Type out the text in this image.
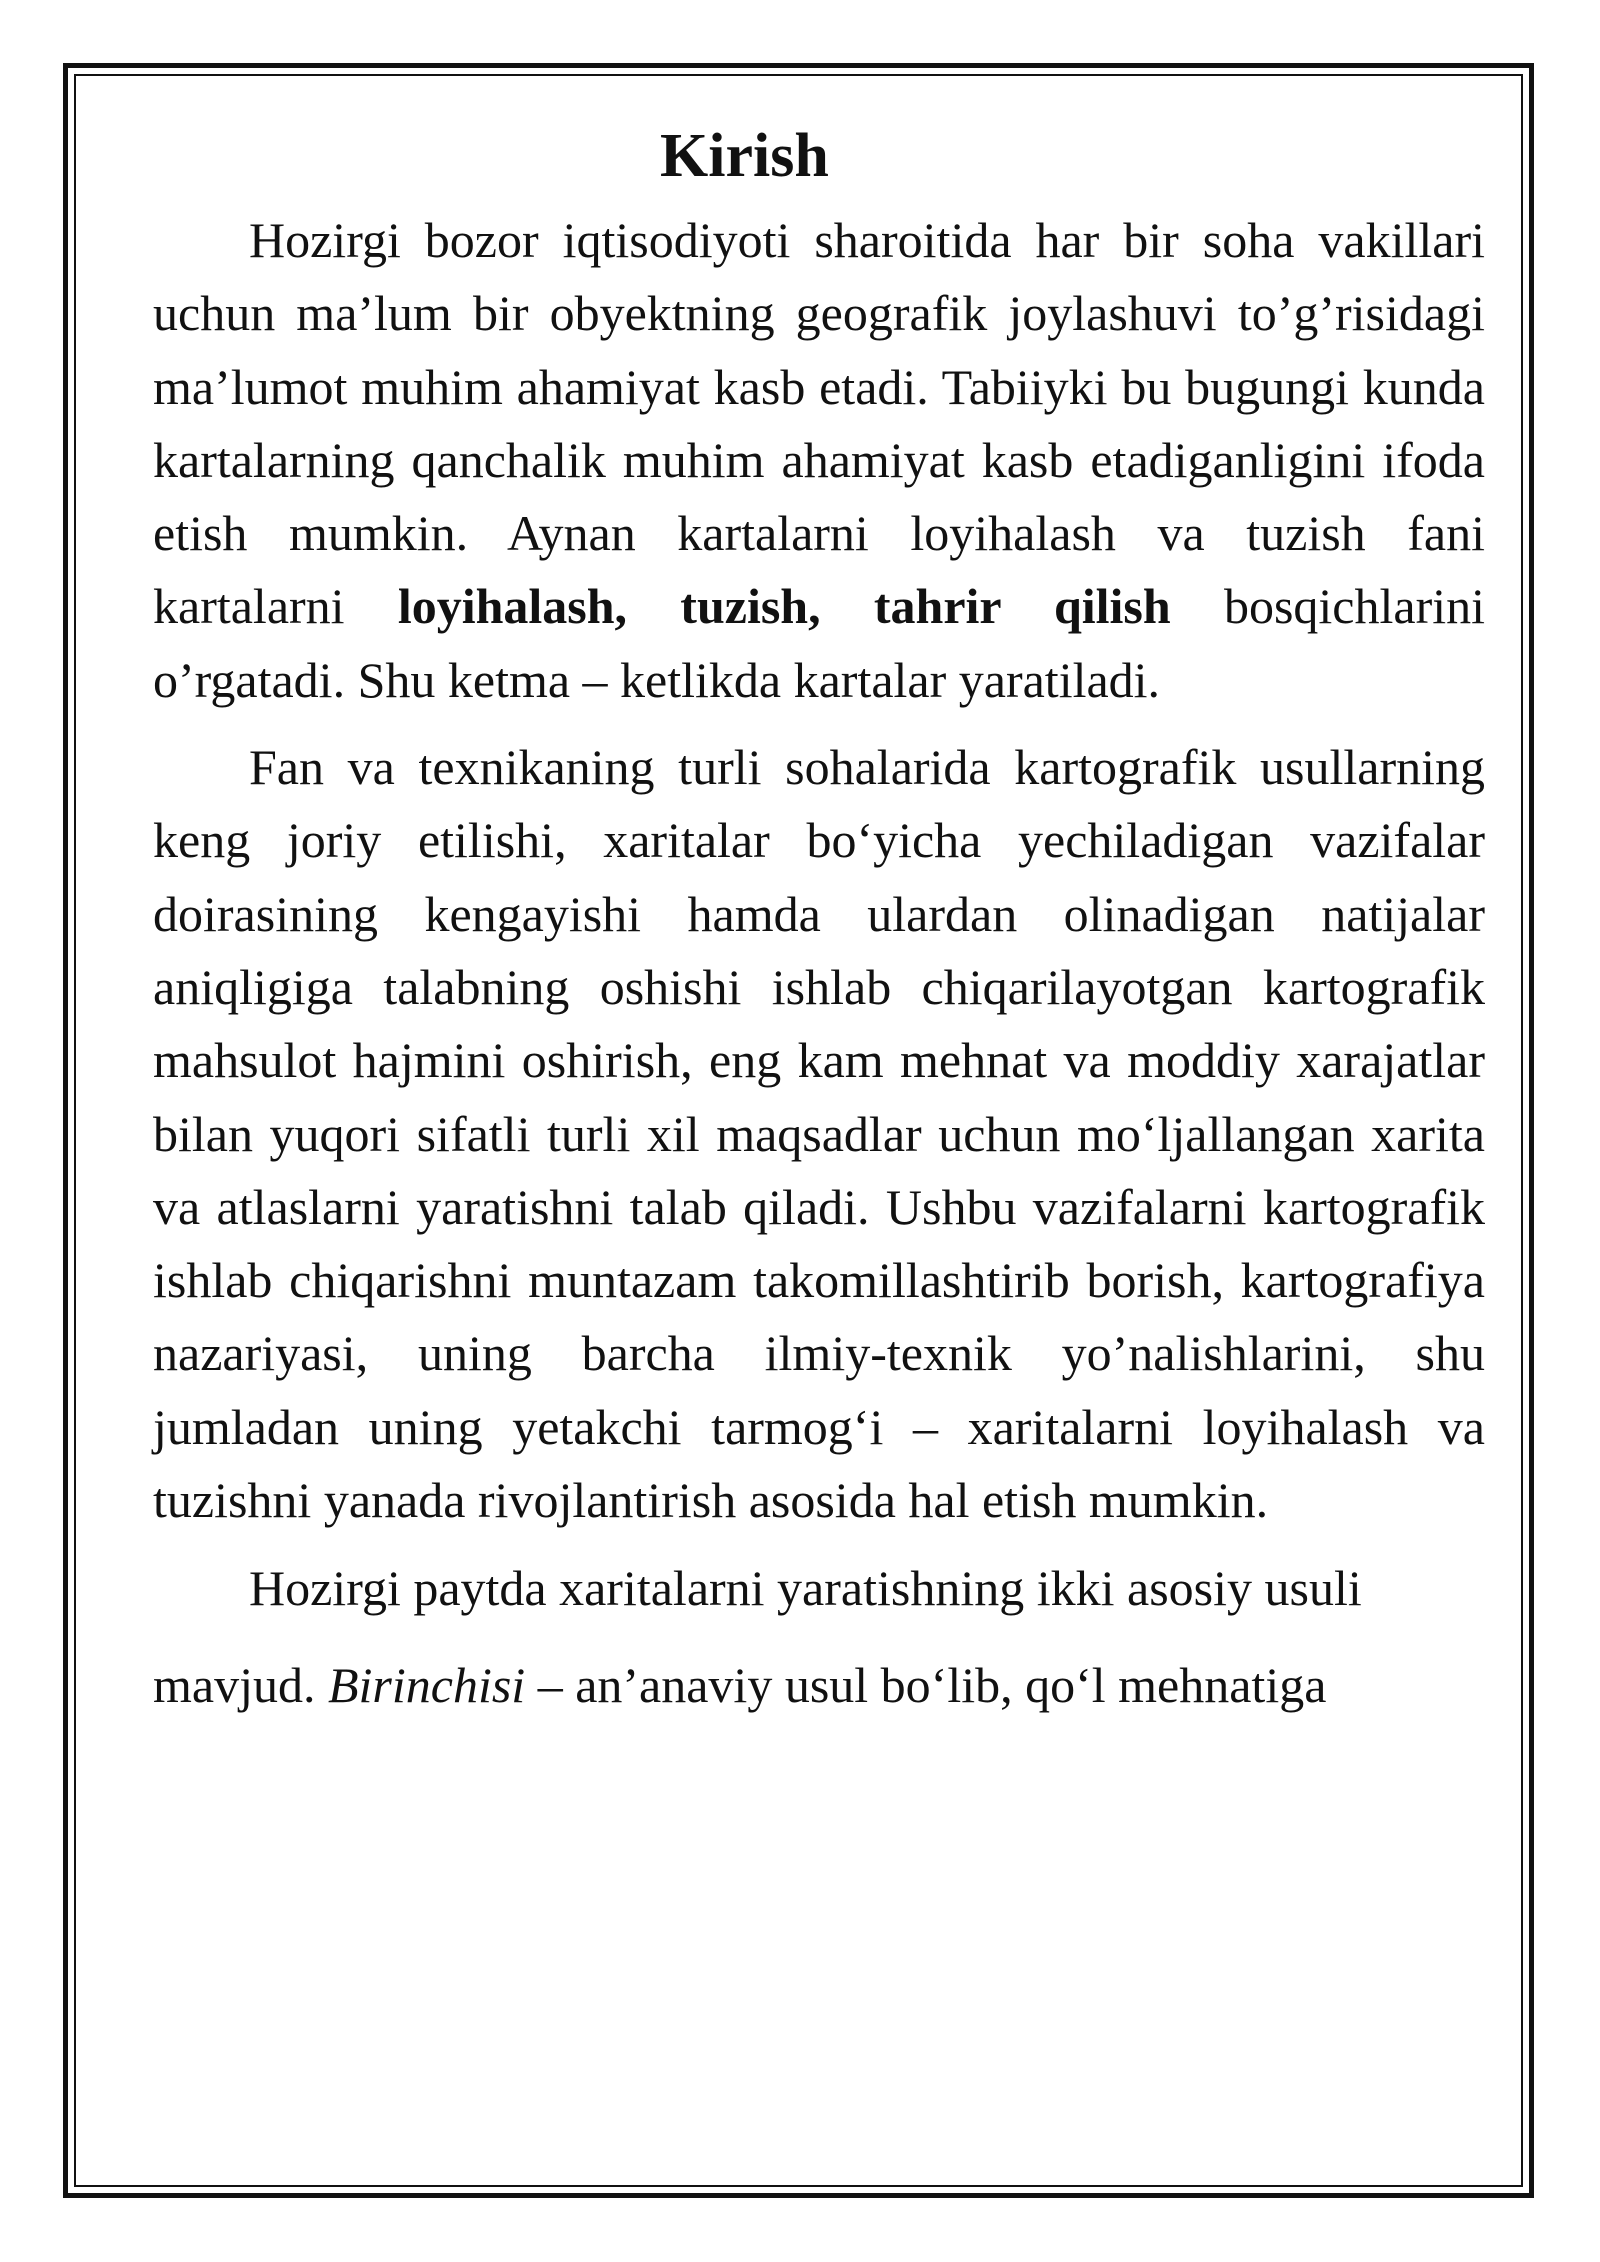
Kirish

Hozirgi bozor iqtisodiyoti sharoitida har bir soha vakillari uchun ma’lum bir obyektning geografik joylashuvi to’g’risidagi ma’lumot muhim ahamiyat kasb etadi. Tabiiyki bu bugungi kunda kartalarning qanchalik muhim ahamiyat kasb etadiganligini ifoda etish mumkin. Aynan kartalarni loyihalash va tuzish fani kartalarni loyihalash, tuzish, tahrir qilish bosqichlarini o’rgatadi. Shu ketma – ketlikda kartalar yaratiladi.

Fan va texnikaning turli sohalarida kartografik usullarning keng joriy etilishi, xaritalar bo‘yicha yechiladigan vazifalar doirasining kengayishi hamda ulardan olinadigan natijalar aniqligiga talabning oshishi ishlab chiqarilayotgan kartografik mahsulot hajmini oshirish, eng kam mehnat va moddiy xarajatlar bilan yuqori sifatli turli xil maqsadlar uchun mo‘ljallangan xarita va atlaslarni yaratishni talab qiladi. Ushbu vazifalarni kartografik ishlab chiqarishni muntazam takomillashtirib borish, kartografiya nazariyasi, uning barcha ilmiy-texnik yo’nalishlarini, shu jumladan uning yetakchi tarmog‘i – xaritalarni loyihalash va tuzishni yanada rivojlantirish asosida hal etish mumkin.

Hozirgi paytda xaritalarni yaratishning ikki asosiy usuli

mavjud. Birinchisi – an’anaviy usul bo‘lib, qo‘l mehnatiga
